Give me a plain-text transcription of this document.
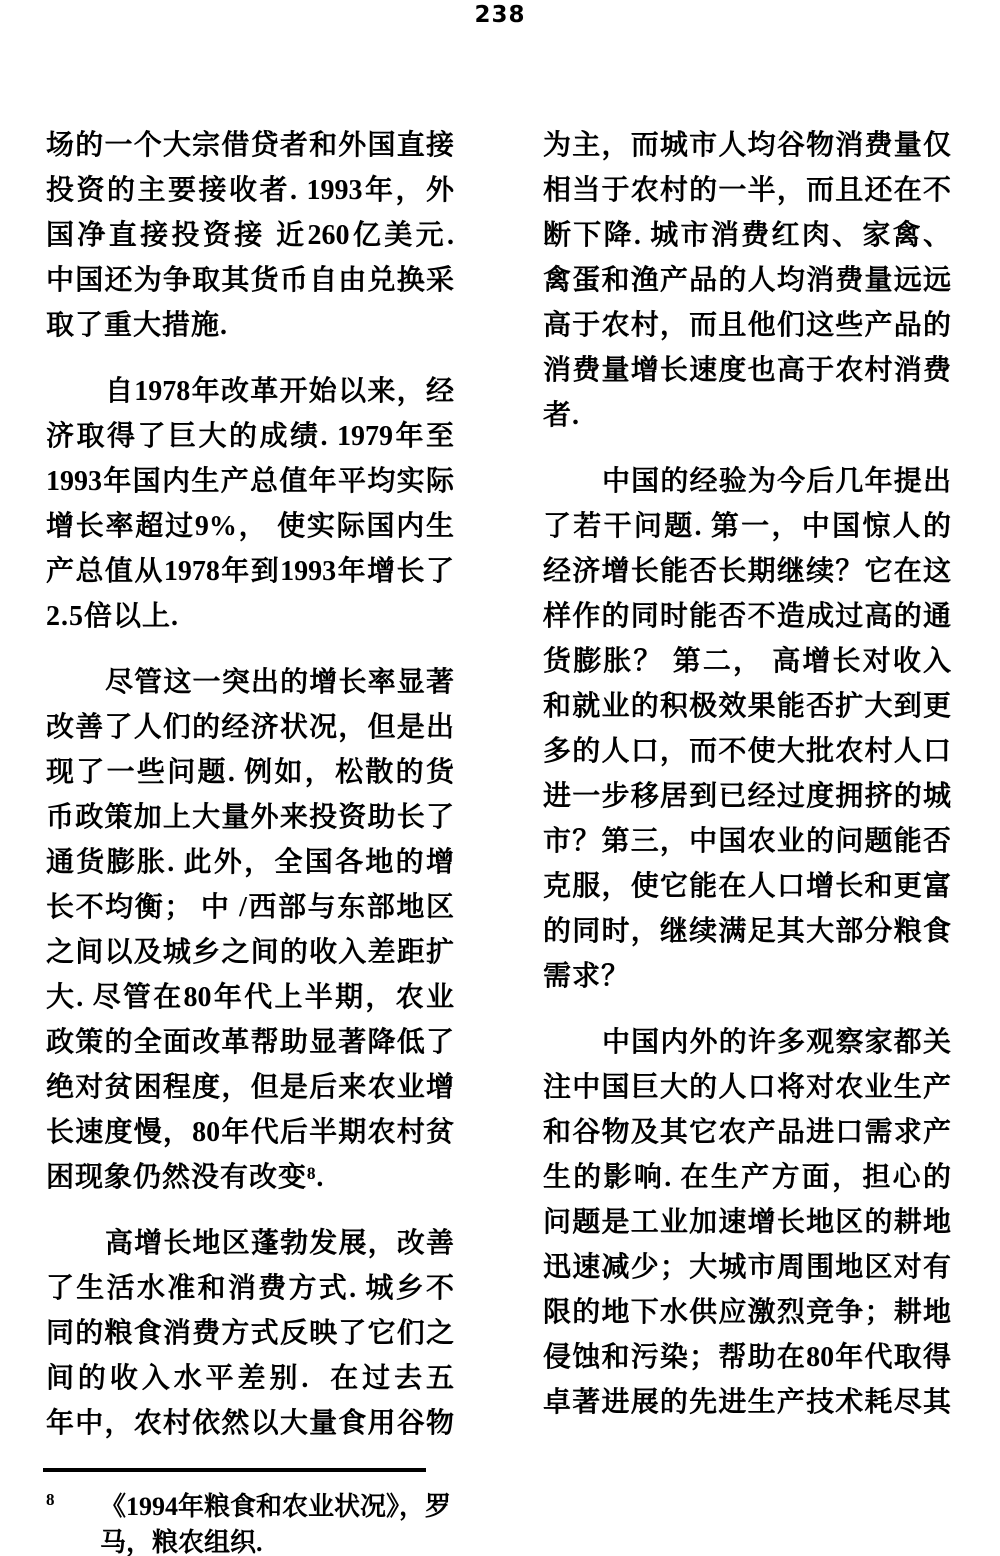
238
场的一个大宗借贷者和外国直接
投资的主要接收者. 1993年，外
国净直接投资接 近260亿美元.
中国还为争取其货币自由兑换采
取了重大措施.
自1978年改革开始以来，经
济取得了巨大的成绩. 1979年至
1993年国内生产总值年平均实际
增长率超过9%， 使实际国内生
产总值从1978年到1993年增长了
2.5倍以上.
尽管这一突出的增长率显著
改善了人们的经济状况，但是出
现了一些问题. 例如，松散的货
币政策加上大量外来投资助长了
通货膨胀. 此外，全国各地的增
长不均衡； 中 /西部与东部地区
之间以及城乡之间的收入差距扩
大. 尽管在80年代上半期，农业
政策的全面改革帮助显著降低了
绝对贫困程度，但是后来农业增
长速度慢，80年代后半期农村贫
困现象仍然没有改变⁸.
高增长地区蓬勃发展，改善
了生活水准和消费方式. 城乡不
同的粮食消费方式反映了它们之
间的收入水平差别.  在过去五
年中，农村依然以大量食用谷物
为主，而城市人均谷物消费量仅
相当于农村的一半，而且还在不
断下降. 城市消费红肉、家禽、
禽蛋和渔产品的人均消费量远远
高于农村，而且他们这些产品的
消费量增长速度也高于农村消费
者.
中国的经验为今后几年提出
了若干问题. 第一，中国惊人的
经济增长能否长期继续？它在这
样作的同时能否不造成过高的通
货膨胀？ 第二， 高增长对收入
和就业的积极效果能否扩大到更
多的人口，而不使大批农村人口
进一步移居到已经过度拥挤的城
市？第三，中国农业的问题能否
克服，使它能在人口增长和更富
的同时，继续满足其大部分粮食
需求？
中国内外的许多观察家都关
注中国巨大的人口将对农业生产
和谷物及其它农产品进口需求产
生的影响. 在生产方面，担心的
问题是工业加速增长地区的耕地
迅速减少；大城市周围地区对有
限的地下水供应激烈竞争；耕地
侵蚀和污染；帮助在80年代取得
卓著进展的先进生产技术耗尽其
8 《1994年粮食和农业状况》，罗
马，粮农组织.
